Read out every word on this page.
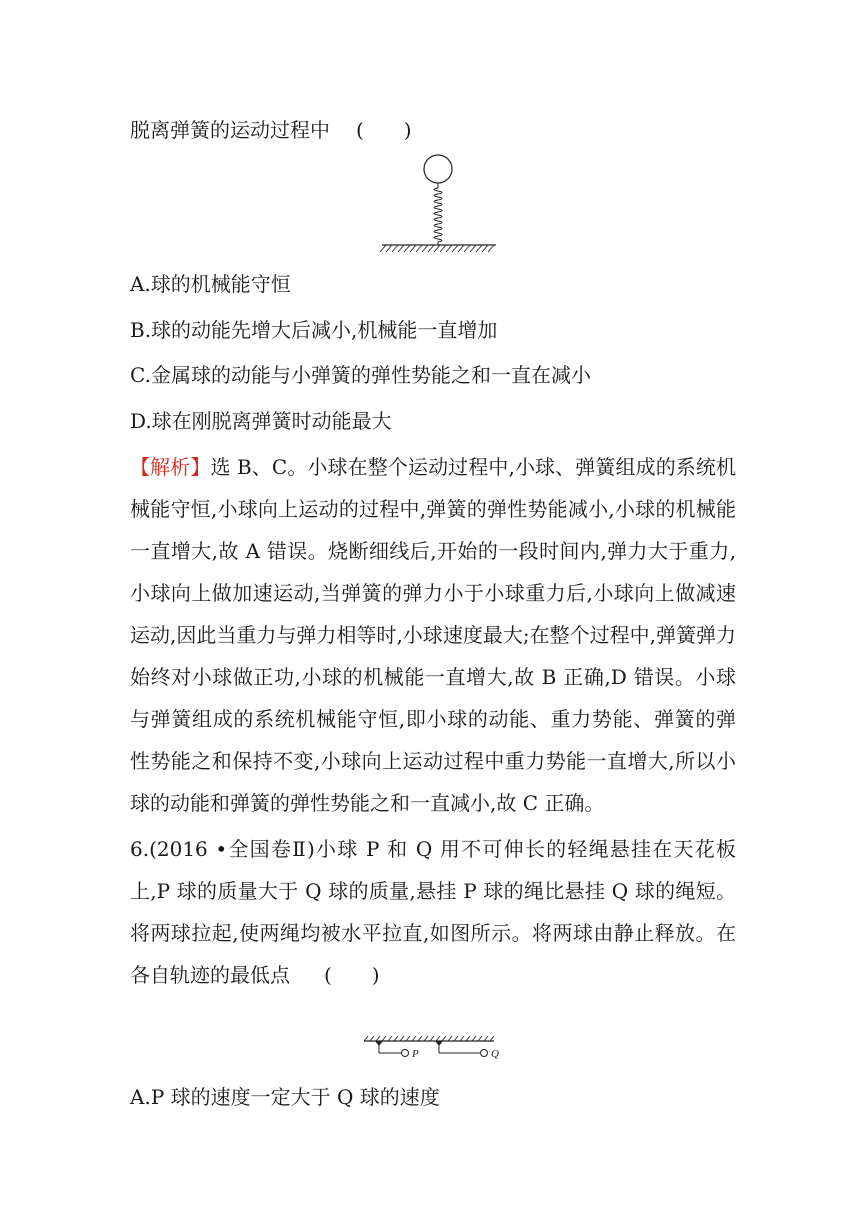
脱离弹簧的运动过程中 (　　)
A.球的机械能守恒
B.球的动能先增大后减小,机械能一直增加
C.金属球的动能与小弹簧的弹性势能之和一直在减小
D.球在刚脱离弹簧时动能最大
【解析】选 B、C。小球在整个运动过程中,小球、弹簧组成的系统机械能守恒,小球向上运动的过程中,弹簧的弹性势能减小,小球的机械能一直增大,故 A 错误。烧断细线后,开始的一段时间内,弹力大于重力,小球向上做加速运动,当弹簧的弹力小于小球重力后,小球向上做减速运动,因此当重力与弹力相等时,小球速度最大;在整个过程中,弹簧弹力始终对小球做正功,小球的机械能一直增大,故 B 正确,D 错误。小球与弹簧组成的系统机械能守恒,即小球的动能、重力势能、弹簧的弹性势能之和保持不变,小球向上运动过程中重力势能一直增大,所以小球的动能和弹簧的弹性势能之和一直减小,故 C 正确。
6.(2016 •全国卷Ⅱ)小球 P 和 Q 用不可伸长的轻绳悬挂在天花板上,P 球的质量大于 Q 球的质量,悬挂 P 球的绳比悬挂 Q 球的绳短。将两球拉起,使两绳均被水平拉直,如图所示。将两球由静止释放。在各自轨迹的最低点 (　　)
P	Q
A.P 球的速度一定大于 Q 球的速度
